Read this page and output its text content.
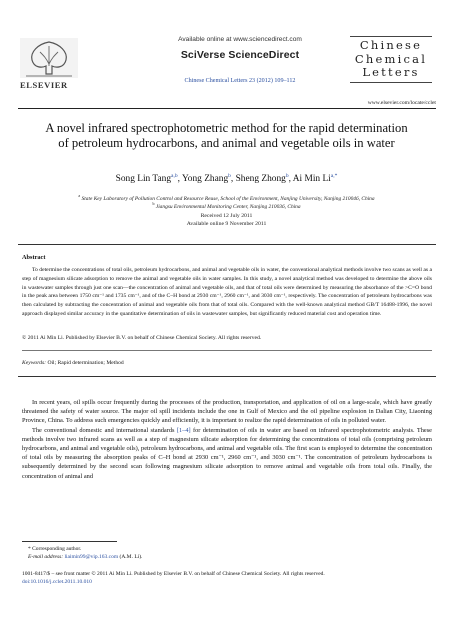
ELSEVIER
Available online at www.sciencedirect.com
SciVerse ScienceDirect
Chinese Chemical Letters 23 (2012) 109–112
Chinese
Chemical
Letters
www.elsevier.com/locate/cclet
A novel infrared spectrophotometric method for the rapid determination of petroleum hydrocarbons, and animal and vegetable oils in water
Song Lin Tang$^{a,b}$, Yong Zhang$^b$, Sheng Zhong$^b$, Ai Min $Li^{a,*}$
$^a$ State Key Laboratory of Pollution Control and Resource Reuse, School of the Environment, Nanjing University, Nanjing 210046, China
$^b$ Jiangsu Environmental Monitoring Center, Nanjing 210036, China
Received 12 July 2011
Available online 9 November 2011
Abstract
To determine the concentrations of total oils, petroleum hydrocarbons, and animal and vegetable oils in water, the conventional analytical methods involve two scans as well as a step of magnesium silicate adsorption to remove the animal and vegetable oils in water samples. In this study, a novel analytical method was developed to determine the above oils in wastewater samples through just one scan—the concentration of animal and vegetable oils, and that of total oils were determined by measuring the absorbance of the >C=O bond in the peak area between 1750 cm⁻¹ and 1735 cm⁻¹, and of the C–H bond at 2930 cm⁻¹, 2960 cm⁻¹, and 3030 cm⁻¹, respectively. The concentration of petroleum hydrocarbons was then calculated by subtracting the concentration of animal and vegetable oils from that of total oils. Compared with the well-known analytical method GB/T 16488-1996, the novel approach displayed similar accuracy in the quantitative determination of oils in wastewater samples, but significantly reduced material cost and operation time.
© 2011 Ai Min Li. Published by Elsevier B.V. on behalf of Chinese Chemical Society. All rights reserved.
Keywords: Oil; Rapid determination; Method

In recent years, oil spills occur frequently during the processes of the production, transportation, and application of oil on a large-scale, which have greatly threatened the safety of water source. The major oil spill incidents include the one in Gulf of Mexico and the oil pipeline explosion in Dalian City, Liaoning Province, China. To address such emergencies quickly and efficiently, it is important to realize the rapid determination of oils in polluted water.

The conventional domestic and international standards [1–4] for determination of oils in water are based on infrared spectrophotometric analysis. These methods involve two infrared scans as well as a step of magnesium silicate adsorption for determining the concentrations of total oils (comprising petroleum hydrocarbons, and animal and vegetable oils), petroleum hydrocarbons, and animal and vegetable oils. The first scan is employed to determine the concentration of total oils by measuring the absorption peaks of C–H bond at 2930 cm⁻¹, 2960 cm⁻¹, and 3030 cm⁻¹. The concentration of petroleum hydrocarbons is subsequently determined by the second scan following magnesium silicate adsorption to remove animal and vegetable oils from total oils. Finally, the concentration of animal and

* Corresponding author.
E-mail address: liaimin99@vip.163.com (A.M. Li).
1001-8417/$ – see front matter © 2011 Ai Min Li. Published by Elsevier B.V. on behalf of Chinese Chemical Society. All rights reserved.
doi:10.1016/j.cclet.2011.10.010
